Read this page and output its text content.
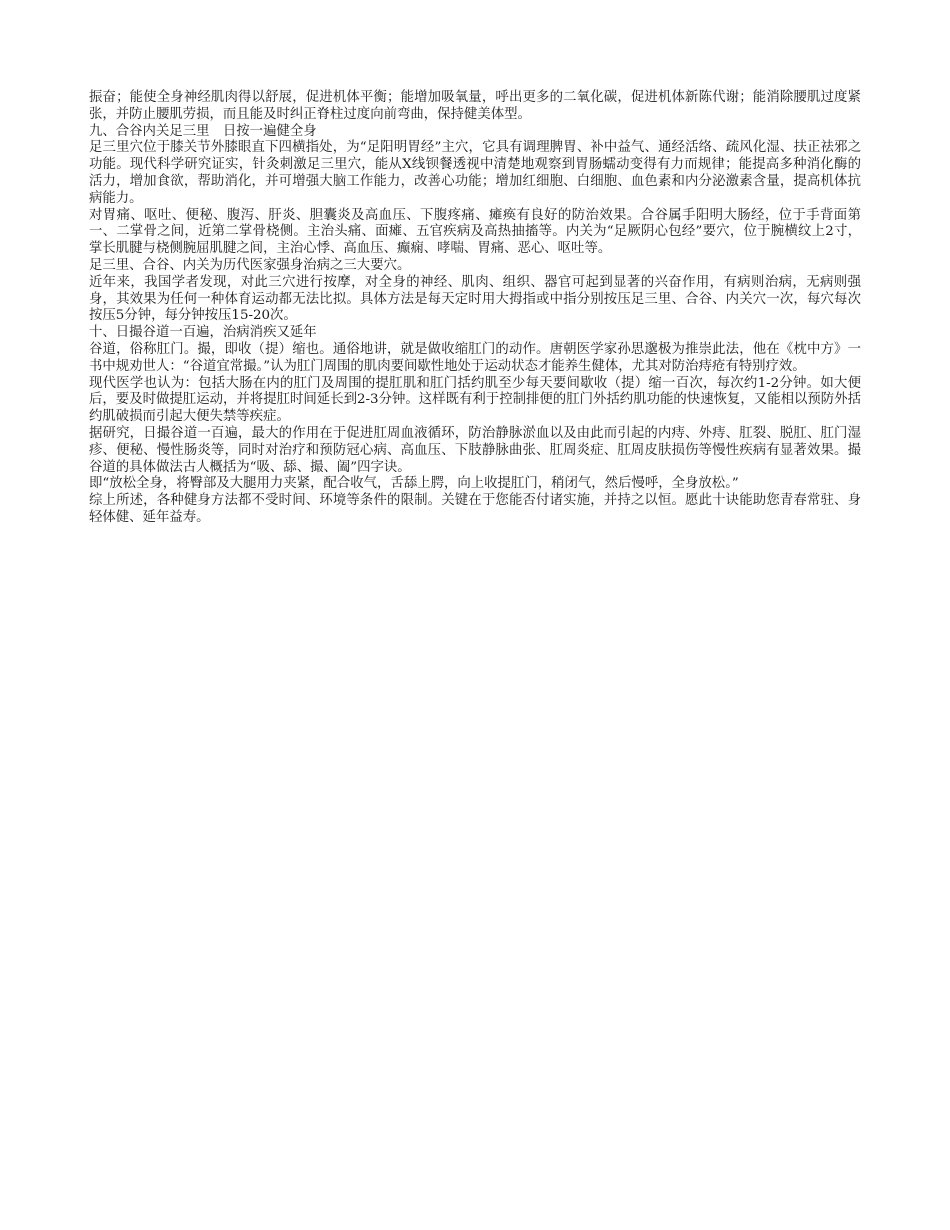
振奋；能使全身神经肌肉得以舒展，促进机体平衡；能增加吸氧量，呼出更多的二氧化碳，促进机体新陈代谢；能消除腰肌过度紧张，并防止腰肌劳损，而且能及时纠正脊柱过度向前弯曲，保持健美体型。

九、合谷内关足三里　日按一遍健全身

足三里穴位于膝关节外膝眼直下四横指处，为“足阳明胃经”主穴，它具有调理脾胃、补中益气、通经活络、疏风化湿、扶正祛邪之功能。现代科学研究证实，针灸刺激足三里穴，能从X线钡餐透视中清楚地观察到胃肠蠕动变得有力而规律；能提高多种消化酶的活力，增加食欲，帮助消化，并可增强大脑工作能力，改善心功能；增加红细胞、白细胞、血色素和内分泌激素含量，提高机体抗病能力。

对胃痛、呕吐、便秘、腹泻、肝炎、胆囊炎及高血压、下腹疼痛、瘫痪有良好的防治效果。合谷属手阳明大肠经，位于手背面第一、二掌骨之间，近第二掌骨桡侧。主治头痛、面瘫、五官疾病及高热抽搐等。内关为“足厥阴心包经”要穴，位于腕横纹上2寸，掌长肌腱与桡侧腕屈肌腱之间，主治心悸、高血压、癫痫、哮喘、胃痛、恶心、呕吐等。

足三里、合谷、内关为历代医家强身治病之三大要穴。

近年来，我国学者发现，对此三穴进行按摩，对全身的神经、肌肉、组织、器官可起到显著的兴奋作用，有病则治病，无病则强身，其效果为任何一种体育运动都无法比拟。具体方法是每天定时用大拇指或中指分别按压足三里、合谷、内关穴一次，每穴每次按压5分钟，每分钟按压15-20次。

十、日撮谷道一百遍，治病消疾又延年

谷道，俗称肛门。撮，即收（提）缩也。通俗地讲，就是做收缩肛门的动作。唐朝医学家孙思邈极为推崇此法，他在《枕中方》一书中规劝世人：“谷道宜常撮。”认为肛门周围的肌肉要间歇性地处于运动状态才能养生健体，尤其对防治痔疮有特别疗效。

现代医学也认为：包括大肠在内的肛门及周围的提肛肌和肛门括约肌至少每天要间歇收（提）缩一百次，每次约1-2分钟。如大便后，要及时做提肛运动，并将提肛时间延长到2-3分钟。这样既有利于控制排便的肛门外括约肌功能的快速恢复，又能相以预防外括约肌破损而引起大便失禁等疾症。

据研究，日撮谷道一百遍，最大的作用在于促进肛周血液循环，防治静脉淤血以及由此而引起的内痔、外痔、肛裂、脱肛、肛门湿疹、便秘、慢性肠炎等，同时对治疗和预防冠心病、高血压、下肢静脉曲张、肛周炎症、肛周皮肤损伤等慢性疾病有显著效果。撮谷道的具体做法古人概括为“吸、舔、撮、阖”四字诀。

即“放松全身，将臀部及大腿用力夹紧，配合收气，舌舔上腭，向上收提肛门，稍闭气，然后慢呼，全身放松。”

综上所述，各种健身方法都不受时间、环境等条件的限制。关键在于您能否付诸实施，并持之以恒。愿此十诀能助您青春常驻、身轻体健、延年益寿。
